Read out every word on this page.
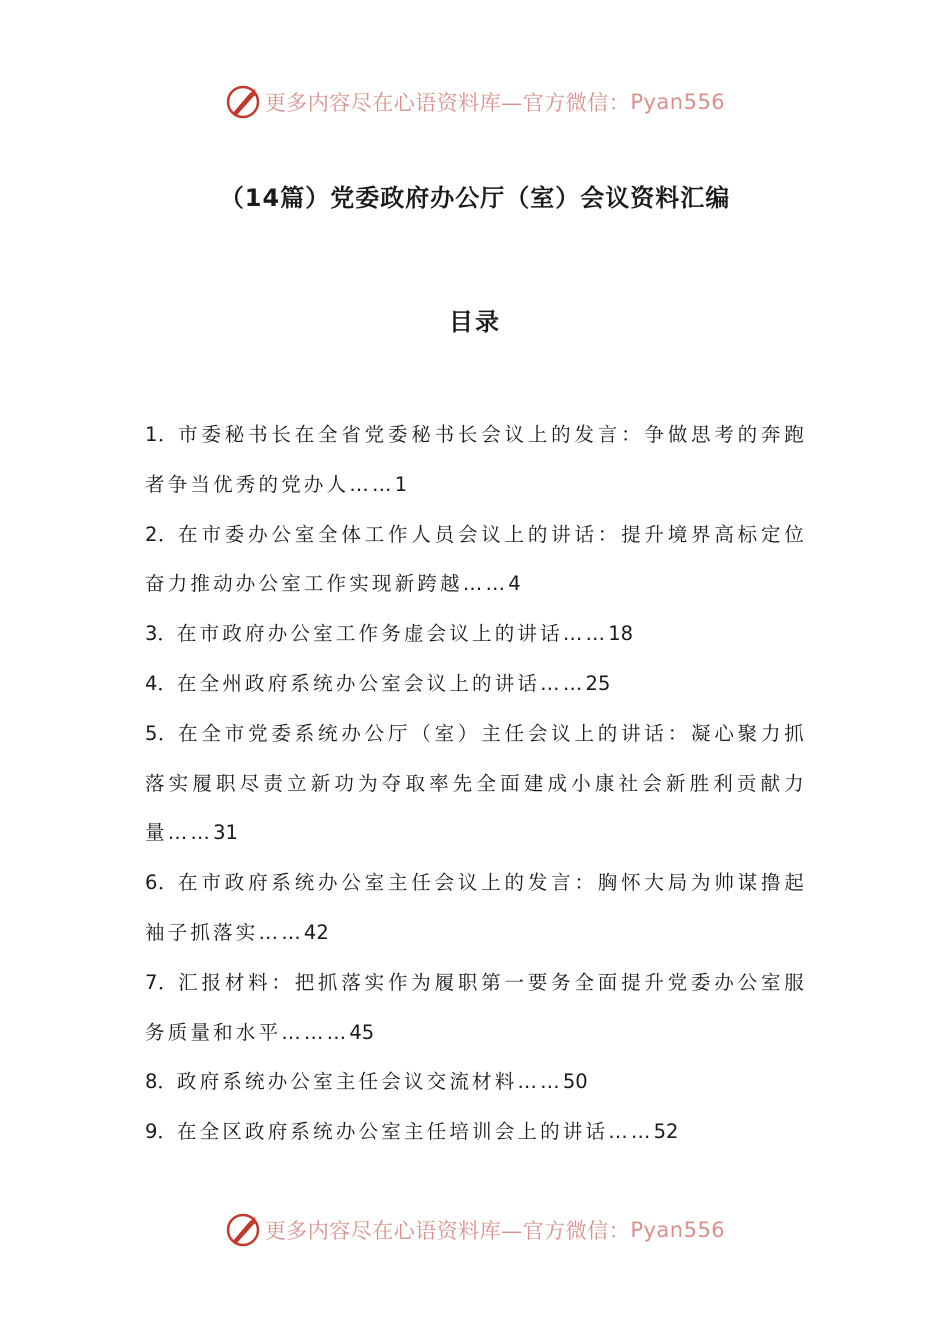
更多内容尽在心语资料库—官方微信： Pyan556
（14篇）党委政府办公厅（室）会议资料汇编
目录

1．市委秘书长在全省党委秘书长会议上的发言：争做思考的奔跑者争当优秀的党办人……1

2．在市委办公室全体工作人员会议上的讲话：提升境界高标定位奋力推动办公室工作实现新跨越……4

3．在市政府办公室工作务虚会议上的讲话……18

4．在全州政府系统办公室会议上的讲话……25

5．在全市党委系统办公厅（室）主任会议上的讲话：凝心聚力抓落实履职尽责立新功为夺取率先全面建成小康社会新胜利贡献力量……31

6．在市政府系统办公室主任会议上的发言：胸怀大局为帅谋撸起袖子抓落实……42

7．汇报材料：把抓落实作为履职第一要务全面提升党委办公室服务质量和水平………45

8．政府系统办公室主任会议交流材料……50

9．在全区政府系统办公室主任培训会上的讲话……52

更多内容尽在心语资料库—官方微信： Pyan556
